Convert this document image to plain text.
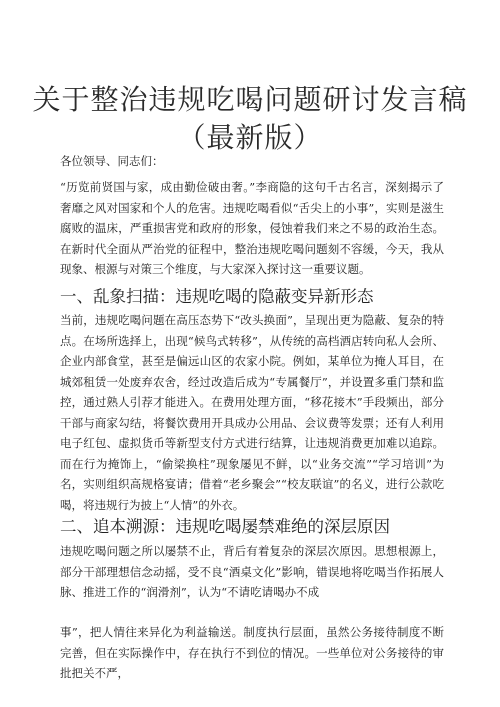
关于整治违规吃喝问题研讨发言稿
（最新版）
各位领导、同志们：
“历览前贤国与家，成由勤俭破由奢。”李商隐的这句千古名言，深刻揭示了奢靡之风对国家和个人的危害。违规吃喝看似“舌尖上的小事”，实则是滋生腐败的温床，严重损害党和政府的形象，侵蚀着我们来之不易的政治生态。在新时代全面从严治党的征程中，整治违规吃喝问题刻不容缓，今天，我从现象、根源与对策三个维度，与大家深入探讨这一重要议题。
一、乱象扫描：违规吃喝的隐蔽变异新形态
当前，违规吃喝问题在高压态势下“改头换面”，呈现出更为隐蔽、复杂的特点。在场所选择上，出现“候鸟式转移”，从传统的高档酒店转向私人会所、企业内部食堂，甚至是偏远山区的农家小院。例如，某单位为掩人耳目，在城郊租赁一处废弃农舍，经过改造后成为“专属餐厅”，并设置多重门禁和监控，通过熟人引荐才能进入。在费用处理方面，“移花接木”手段频出，部分干部与商家勾结，将餐饮费用开具成办公用品、会议费等发票；还有人利用电子红包、虚拟货币等新型支付方式进行结算，让违规消费更加难以追踪。而在行为掩饰上，“偷梁换柱”现象屡见不鲜，以“业务交流”“学习培训”为名，实则组织高规格宴请；借着“老乡聚会”“校友联谊”的名义，进行公款吃喝，将违规行为披上“人情”的外衣。
二、追本溯源：违规吃喝屡禁难绝的深层原因
违规吃喝问题之所以屡禁不止，背后有着复杂的深层次原因。思想根源上，部分干部理想信念动摇，受不良“酒桌文化”影响，错误地将吃喝当作拓展人脉、推进工作的“润滑剂”，认为“不请吃请喝办不成
事”，把人情往来异化为利益输送。制度执行层面，虽然公务接待制度不断完善，但在实际操作中，存在执行不到位的情况。一些单位对公务接待的审批把关不严，
